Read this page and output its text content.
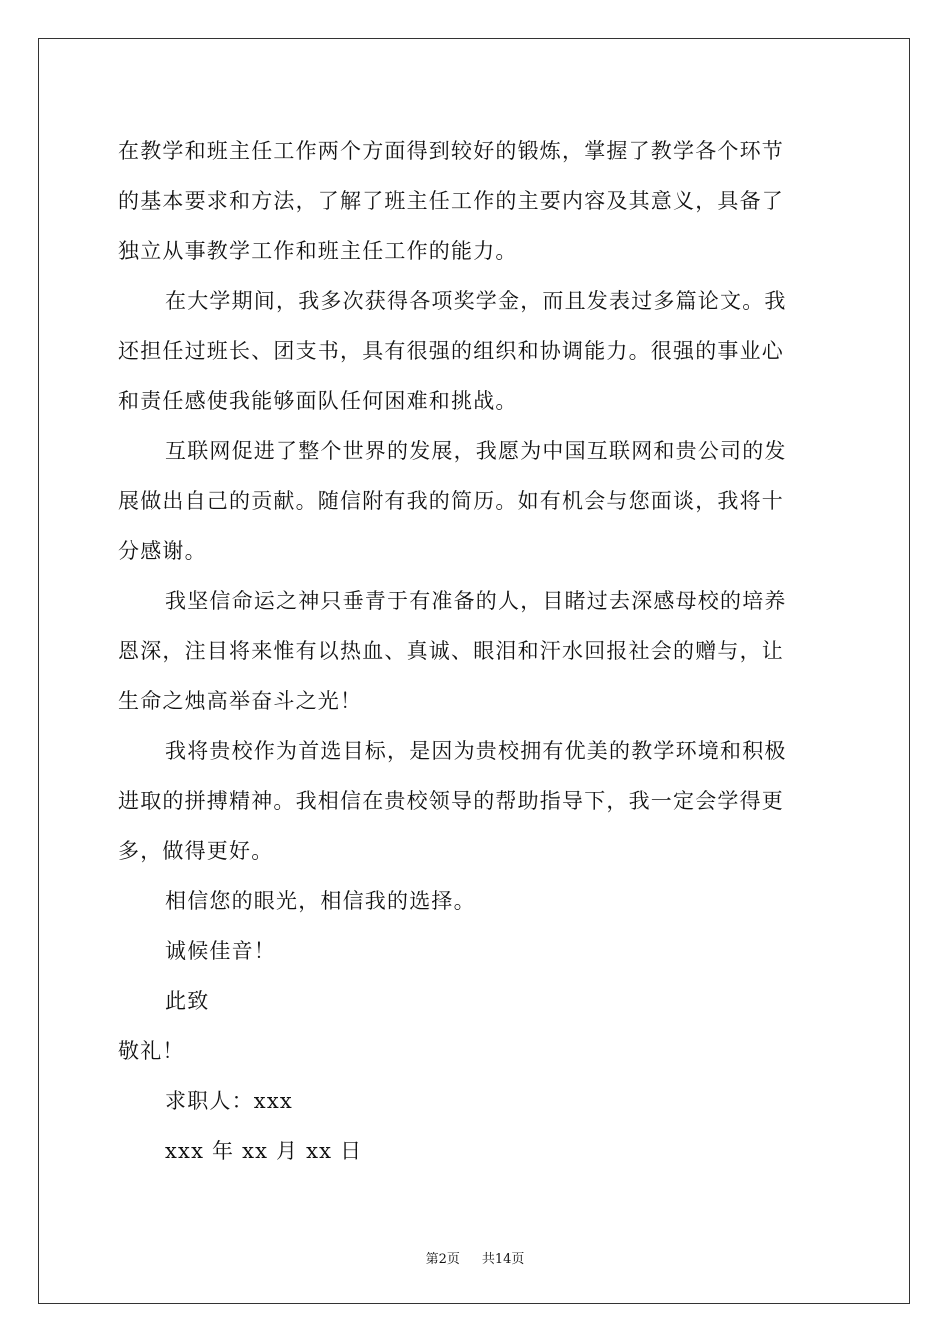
在教学和班主任工作两个方面得到较好的锻炼，掌握了教学各个环节
的基本要求和方法，了解了班主任工作的主要内容及其意义，具备了
独立从事教学工作和班主任工作的能力。
在大学期间，我多次获得各项奖学金，而且发表过多篇论文。我
还担任过班长、团支书，具有很强的组织和协调能力。很强的事业心
和责任感使我能够面队任何困难和挑战。
互联网促进了整个世界的发展，我愿为中国互联网和贵公司的发
展做出自己的贡献。随信附有我的简历。如有机会与您面谈，我将十
分感谢。
我坚信命运之神只垂青于有准备的人，目睹过去深感母校的培养
恩深，注目将来惟有以热血、真诚、眼泪和汗水回报社会的赠与，让
生命之烛高举奋斗之光！
我将贵校作为首选目标，是因为贵校拥有优美的教学环境和积极
进取的拼搏精神。我相信在贵校领导的帮助指导下，我一定会学得更
多，做得更好。
相信您的眼光，相信我的选择。
诚候佳音！
此致
敬礼！
求职人：xxx
xxx 年 xx 月 xx 日
第2页 共14页
